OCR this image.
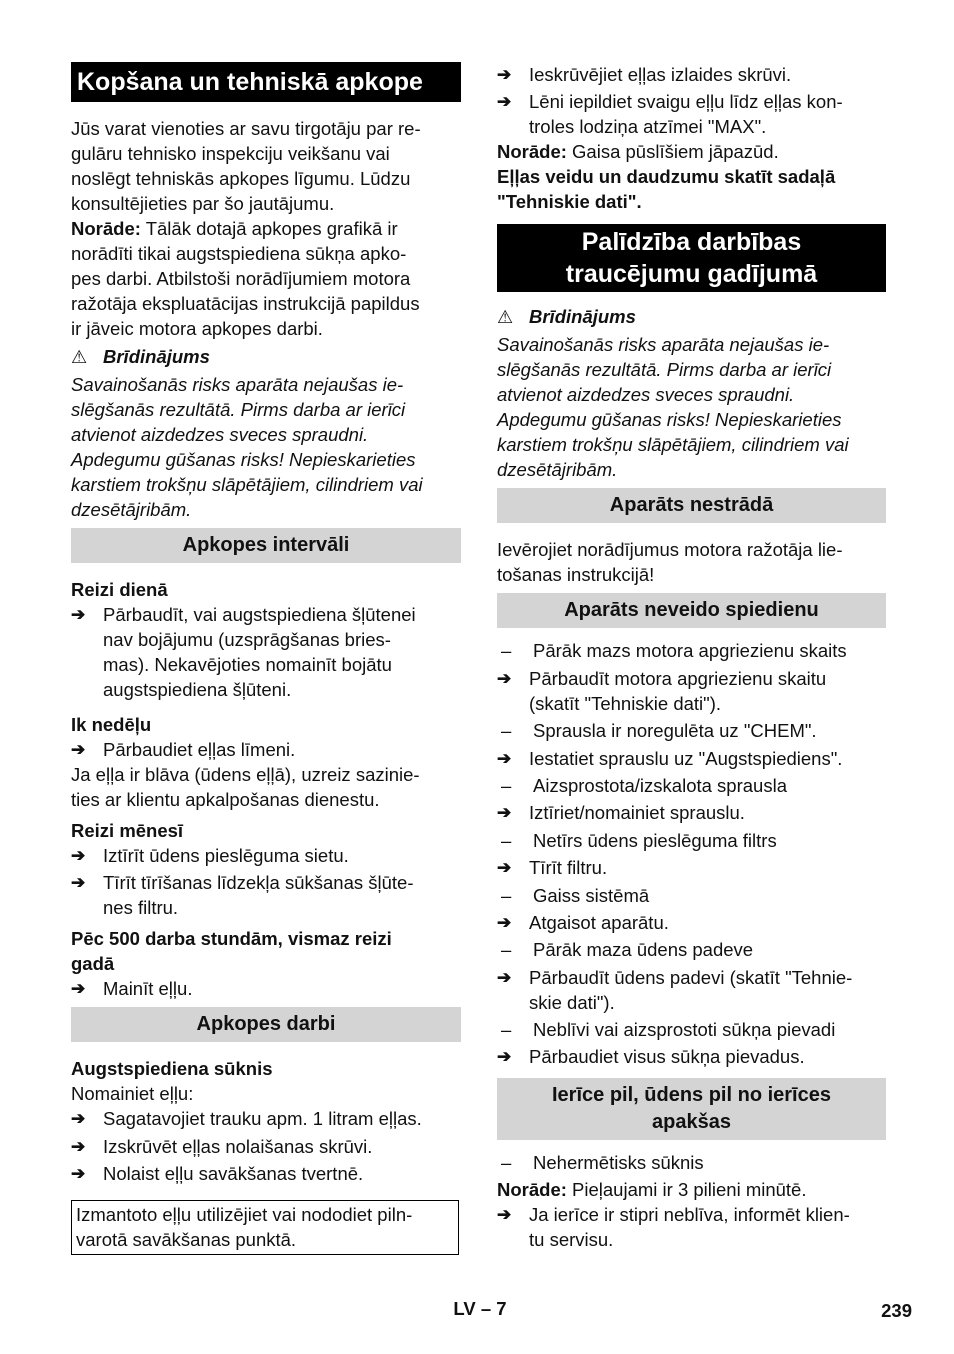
Kopšana un tehniskā apkope

Jūs varat vienoties ar savu tirgotāju par re-
gulāru tehnisko inspekciju veikšanu vai
noslēgt tehniskās apkopes līgumu. Lūdzu
konsultējieties par šo jautājumu.

Norāde: Tālāk dotajā apkopes grafikā ir
norādīti tikai augstspiediena sūkņa apko-
pes darbi. Atbilstoši norādījumiem motora
ražotāja ekspluatācijas instrukcijā papildus
ir jāveic motora apkopes darbi.

⚠ Brīdinājums

Savainošanās risks aparāta nejaušas ie-
slēgšanās rezultātā. Pirms darba ar ierīci
atvienot aizdedzes sveces spraudni.
Apdegumu gūšanas risks! Nepieskarieties
karstiem trokšņu slāpētājiem, cilindriem vai
dzesētājribām.

Apkopes intervāli
Reizi dienā
➔ Pārbaudīt, vai augstspiediena šļūtenei
nav bojājumu (uzsprāgšanas bries-
mas). Nekavējoties nomainīt bojātu
augstspiediena šļūteni.
Ik nedēļu
➔ Pārbaudiet eļļas līmeni.

Ja eļļa ir blāva (ūdens eļļā), uzreiz sazinie-
ties ar klientu apkalpošanas dienestu.

Reizi mēnesī
➔ Iztīrīt ūdens pieslēguma sietu.
➔ Tīrīt tīrīšanas līdzekļa sūkšanas šļūte-
nes filtru.
Pēc 500 darba stundām, vismaz reizi
gadā
➔ Mainīt eļļu.
Apkopes darbi
Augstspiediena sūknis

Nomainiet eļļu:

➔ Sagatavojiet trauku apm. 1 litram eļļas.
➔ Izskrūvēt eļļas nolaišanas skrūvi.
➔ Nolaist eļļu savākšanas tvertnē.

Izmantoto eļļu utilizējiet vai nododiet piln-
varotā savākšanas punktā.

➔ Ieskrūvējiet eļļas izlaides skrūvi.
➔ Lēni iepildiet svaigu eļļu līdz eļļas kon-
troles lodziņa atzīmei "MAX".

Norāde: Gaisa pūslīšiem jāpazūd.

Eļļas veidu un daudzumu skatīt sadaļā
"Tehniskie dati".

Palīdzība darbības
traucējumu gadījumā
⚠ Brīdinājums

Savainošanās risks aparāta nejaušas ie-
slēgšanās rezultātā. Pirms darba ar ierīci
atvienot aizdedzes sveces spraudni.
Apdegumu gūšanas risks! Nepieskarieties
karstiem trokšņu slāpētājiem, cilindriem vai
dzesētājribām.

Aparāts nestrādā

Ievērojiet norādījumus motora ražotāja lie-
tošanas instrukcijā!

Aparāts neveido spiedienu
–	Pārāk mazs motora apgriezienu skaits
➔ Pārbaudīt motora apgriezienu skaitu
(skatīt "Tehniskie dati").
–	Sprausla ir noregulēta uz "CHEM".
➔ Iestatiet sprauslu uz "Augstspiediens".
–	Aizsprostota/izskalota sprausla
➔ Iztīriet/nomainiet sprauslu.
–	Netīrs ūdens pieslēguma filtrs
➔ Tīrīt filtru.
–	Gaiss sistēmā
➔ Atgaisot aparātu.
–	Pārāk maza ūdens padeve
➔ Pārbaudīt ūdens padevi (skatīt "Tehnie-
skie dati").
–	Neblīvi vai aizsprostoti sūkņa pievadi
➔ Pārbaudiet visus sūkņa pievadus.
Ierīce pil, ūdens pil no ierīces
apakšas
–	Nehermētisks sūknis

Norāde: Pieļaujami ir 3 pilieni minūtē.

➔ Ja ierīce ir stipri neblīva, informēt klien-
tu servisu.
LV – 7	239
